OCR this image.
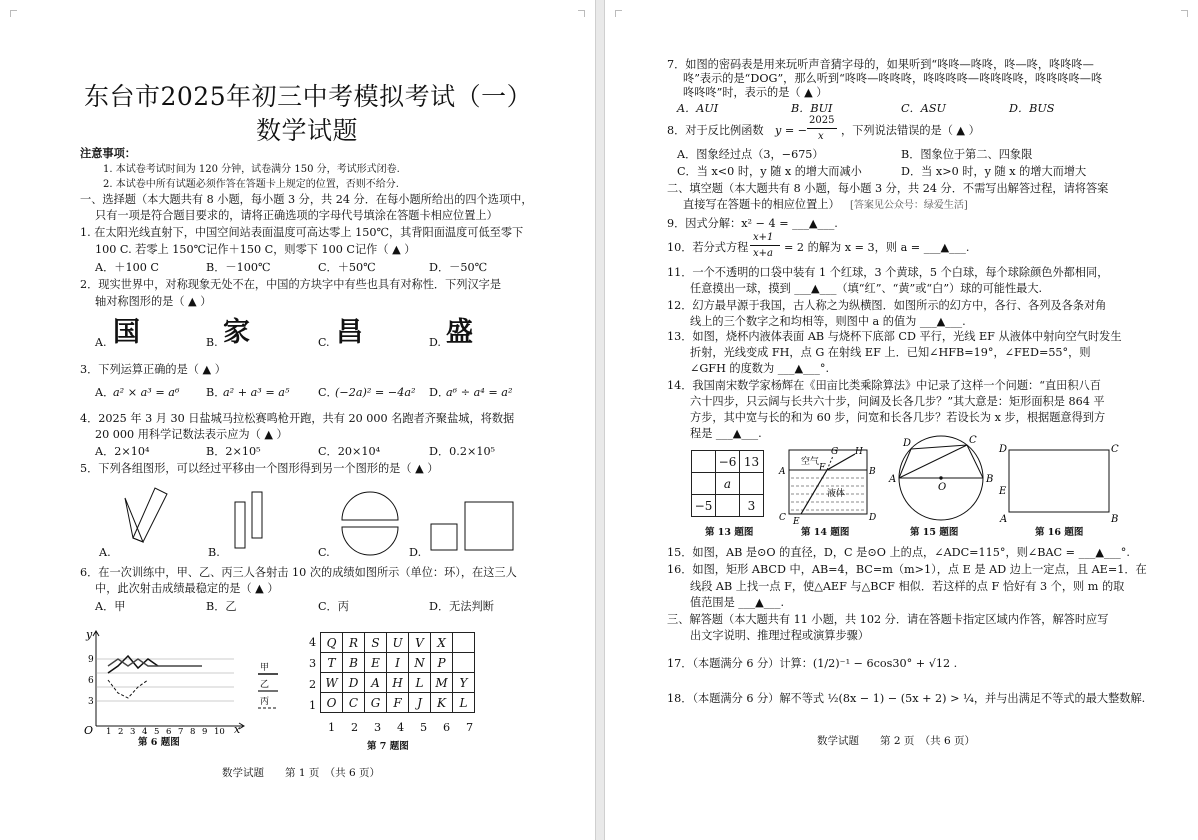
东台市2025年初三中考模拟考试（一）
数学试题
注意事项：
1. 本试卷考试时间为 120 分钟，试卷满分 150 分，考试形式闭卷.
2. 本试卷中所有试题必须作答在答题卡上规定的位置，否则不给分.
一、选择题（本大题共有 8 小题，每小题 3 分，共 24 分．在每小题所给出的四个选项中，
只有一项是符合题目要求的，请将正确选项的字母代号填涂在答题卡相应位置上）
1. 在太阳光线直射下，中国空间站表面温度可高达零上 150℃，其背阳面温度可低至零下
100 C. 若零上 150℃记作＋150 C，则零下 100 C记作（ ▲ ）
A．＋100 C	B．－100℃	C．＋50℃	D．－50℃
2．现实世界中，对称现象无处不在，中国的方块字中有些也具有对称性．下列汉字是
轴对称图形的是（ ▲ ）
A. 国	B. 家	C. 昌	D. 盛
3．下列运算正确的是（ ▲ ）
A．
a² × a³ = a⁶ B．
a² + a³ = a⁵	C．
(−2a)² = −4a² D．
a⁶ ÷ a⁴ = a²
4．2025 年 3 月 30 日盐城马拉松赛鸣枪开跑，共有 20 000 名跑者齐聚盐城，将数据
20 000 用科学记数法表示应为（ ▲ ）
A．2×10⁴	B．2×10⁵	C．20×10⁴	D．0.2×10⁵
5．下列各组图形，可以经过平移由一个图形得到另一个图形的是（ ▲ ）
A.	B.	C.	D.
6．在一次训练中，甲、乙、丙三人各射击 10 次的成绩如图所示（单位：环），在这三人
中，此次射击成绩最稳定的是（ ▲ ）
A．甲	B．乙	C．丙	D．无法判断
y
x
O
9
6
3
1 2 3 4 5 6 7 8 9 10
甲
乙
丙
第 6 题图
4
3
2
1
Q	R	S	U	V	X	
T	B	E	I	N	P	
W	D	A	H	L	M	Y
O	C	G	F	J	K	L
1 2 3 4 5 6 7
第 7 题图
数学试题　　第 1 页　（共 6 页）
7．如图的密码表是用来玩听声音猜字母的，如果听到“咚咚—咚咚，咚—咚，咚咚咚—
咚”表示的是“DOG”，那么听到“咚咚—咚咚咚，咚咚咚咚—咚咚咚咚，咚咚咚咚—咚
咚咚咚”时，表示的是（ ▲ ）
A．AUI	B．BUI	C．ASU	D．BUS
8．对于反比例函数 y = −
2025
x ，下列说法错误的是（ ▲ ）
A．图象经过点（3，−675）	B．图象位于第二、四象限
C．当 x<0 时，y 随 x 的增大而减小	D．当 x>0 时，y 随 x 的增大而增大
二、填空题（本大题共有 8 小题，每小题 3 分，共 24 分．不需写出解答过程，请将答案
直接写在答题卡的相应位置上） [答案见公众号：绿爱生活]
9．因式分解：x² − 4 = ___▲___.
10．若分式方程
x+1
x+a = 2 的解为 x = 3，则 a = ___▲___.
11．一个不透明的口袋中装有 1 个红球，3 个黄球，5 个白球，每个球除颜色外都相同，
任意摸出一球，摸到 ___▲___（填“红”、“黄”或“白”）球的可能性最大.
12．幻方最早源于我国，古人称之为纵横图．如图所示的幻方中，各行、各列及各条对角
线上的三个数字之和均相等，则图中 a 的值为 ___▲___.
13．如图，烧杯内液体表面 AB 与烧杯下底部 CD 平行，光线 EF 从液体中射向空气时发生
折射，光线变成 FH，点 G 在射线 EF 上．已知∠HFB=19°，∠FED=55°，则
∠GFH 的度数为 ___▲___°.
14．我国南宋数学家杨辉在《田亩比类乘除算法》中记录了这样一个问题：“直田积八百
六十四步，只云阔与长共六十步，问阔及长各几步？”其大意是：矩形面积是 864 平
方步，其中宽与长的和为 60 步，问宽和长各几步？若设长为 x 步，根据题意得到方
程是 ___▲___.
	−6	13
	a	
−5		3
第 13 题图
空气
液体
A	B
C	D
E
F
G H
第 14 题图
A	B
C
D
O
第 15 题图
A	B
C
D
E
第 16 题图
15．如图，AB 是⊙O 的直径，D，C 是⊙O 上的点，∠ADC=115°，则∠BAC = ___▲___°.
16．如图，矩形 ABCD 中，AB=4，BC=m（m>1），点 E 是 AD 边上一定点，且 AE=1．在
线段 AB 上找一点 F，使△AEF 与△BCF 相似．若这样的点 F 恰好有 3 个，则 m 的取
值范围是 ___▲___.
三、解答题（本大题共有 11 小题，共 102 分．请在答题卡指定区域内作答，解答时应写
出文字说明、推理过程或演算步骤）
17．（本题满分 6 分）计算：(1/2)⁻¹ − 6cos30° + √12 .
18．（本题满分 6 分）解不等式 ½(8x − 1) − (5x + 2) > ¼，并与出满足不等式的最大整数解.
数学试题　　第 2 页　（共 6 页）
